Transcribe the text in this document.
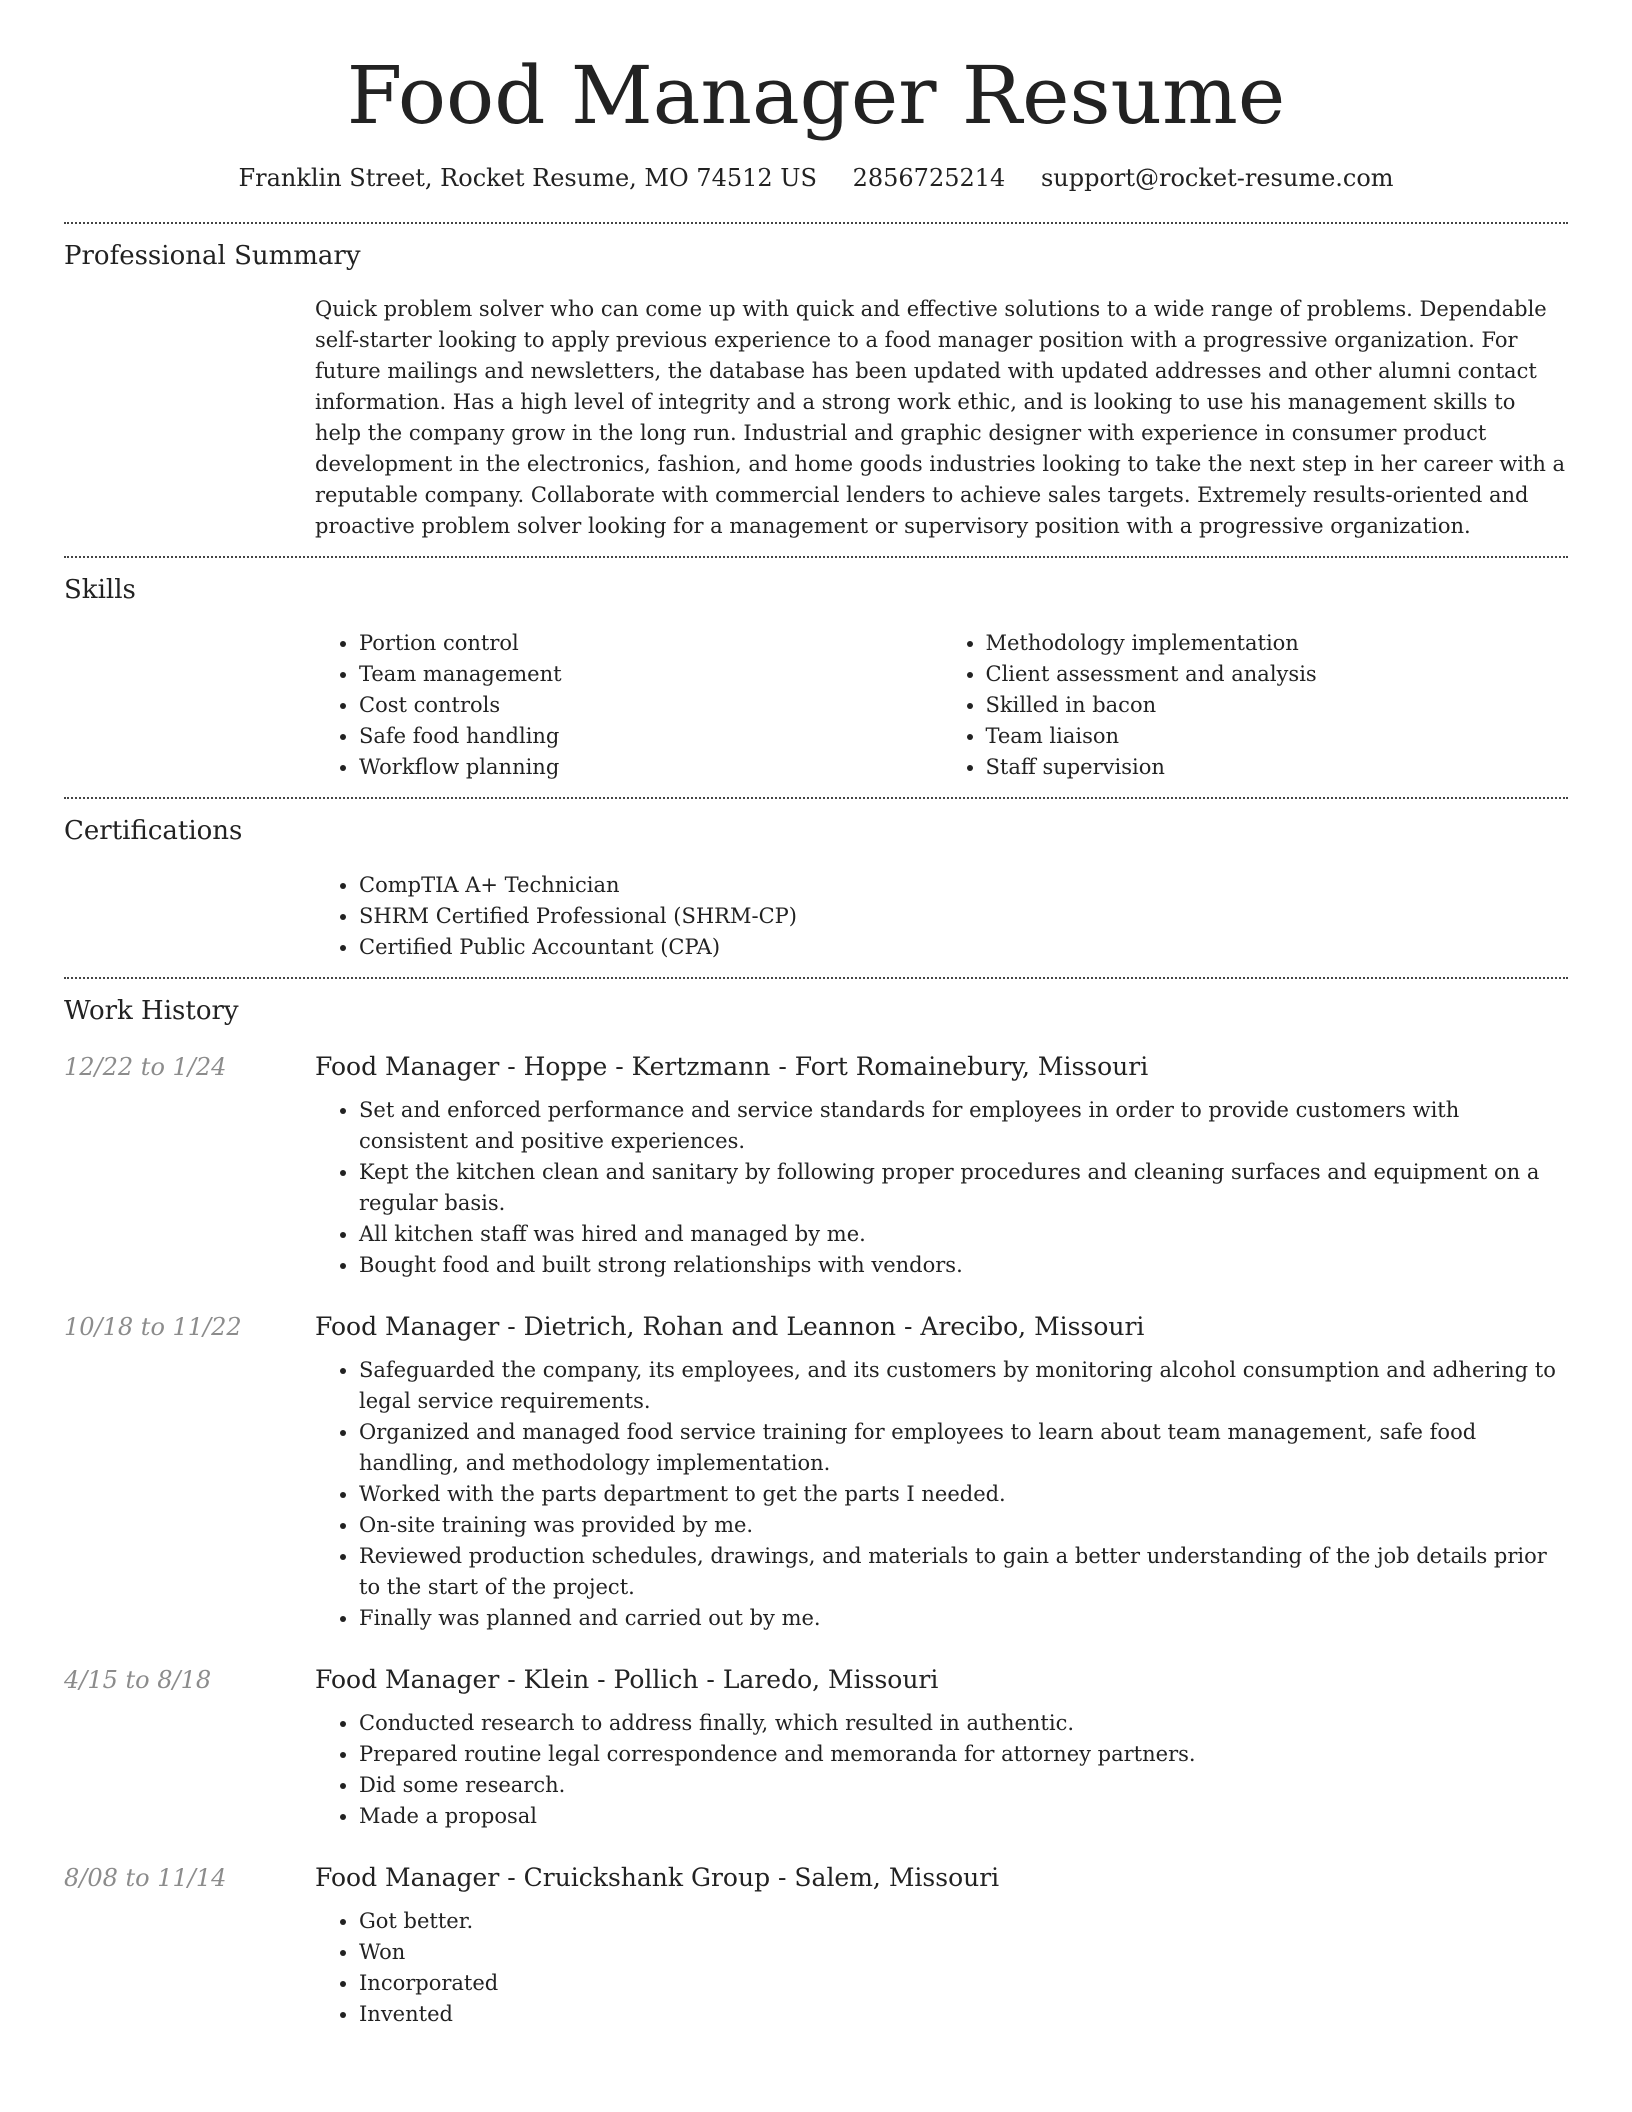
Food Manager Resume
Franklin Street, Rocket Resume, MO 74512 US 2856725214 support@rocket-resume.com
Professional Summary

Quick problem solver who can come up with quick and effective solutions to a wide range of problems. Dependable self-starter looking to apply previous experience to a food manager position with a progressive organization. For future mailings and newsletters, the database has been updated with updated addresses and other alumni contact information. Has a high level of integrity and a strong work ethic, and is looking to use his management skills to help the company grow in the long run. Industrial and graphic designer with experience in consumer product development in the electronics, fashion, and home goods industries looking to take the next step in her career with a reputable company. Collaborate with commercial lenders to achieve sales targets. Extremely results-oriented and proactive problem solver looking for a management or supervisory position with a progressive organization.

Skills
• Portion control
• Team management
• Cost controls
• Safe food handling
• Workflow planning
• Methodology implementation
• Client assessment and analysis
• Skilled in bacon
• Team liaison
• Staff supervision
Certifications
• CompTIA A+ Technician
• SHRM Certified Professional (SHRM-CP)
• Certified Public Accountant (CPA)
Work History
12/22 to 1/24	Food Manager - Hoppe - Kertzmann - Fort Romainebury, Missouri
• Set and enforced performance and service standards for employees in order to provide customers with consistent and positive experiences.
• Kept the kitchen clean and sanitary by following proper procedures and cleaning surfaces and equipment on a regular basis.
• All kitchen staff was hired and managed by me.
• Bought food and built strong relationships with vendors.
10/18 to 11/22	Food Manager - Dietrich, Rohan and Leannon - Arecibo, Missouri
• Safeguarded the company, its employees, and its customers by monitoring alcohol consumption and adhering to legal service requirements.
• Organized and managed food service training for employees to learn about team management, safe food handling, and methodology implementation.
• Worked with the parts department to get the parts I needed.
• On-site training was provided by me.
• Reviewed production schedules, drawings, and materials to gain a better understanding of the job details prior to the start of the project.
• Finally was planned and carried out by me.
4/15 to 8/18	Food Manager - Klein - Pollich - Laredo, Missouri
• Conducted research to address finally, which resulted in authentic.
• Prepared routine legal correspondence and memoranda for attorney partners.
• Did some research.
• Made a proposal
8/08 to 11/14	Food Manager - Cruickshank Group - Salem, Missouri
• Got better.
• Won
• Incorporated
• Invented
